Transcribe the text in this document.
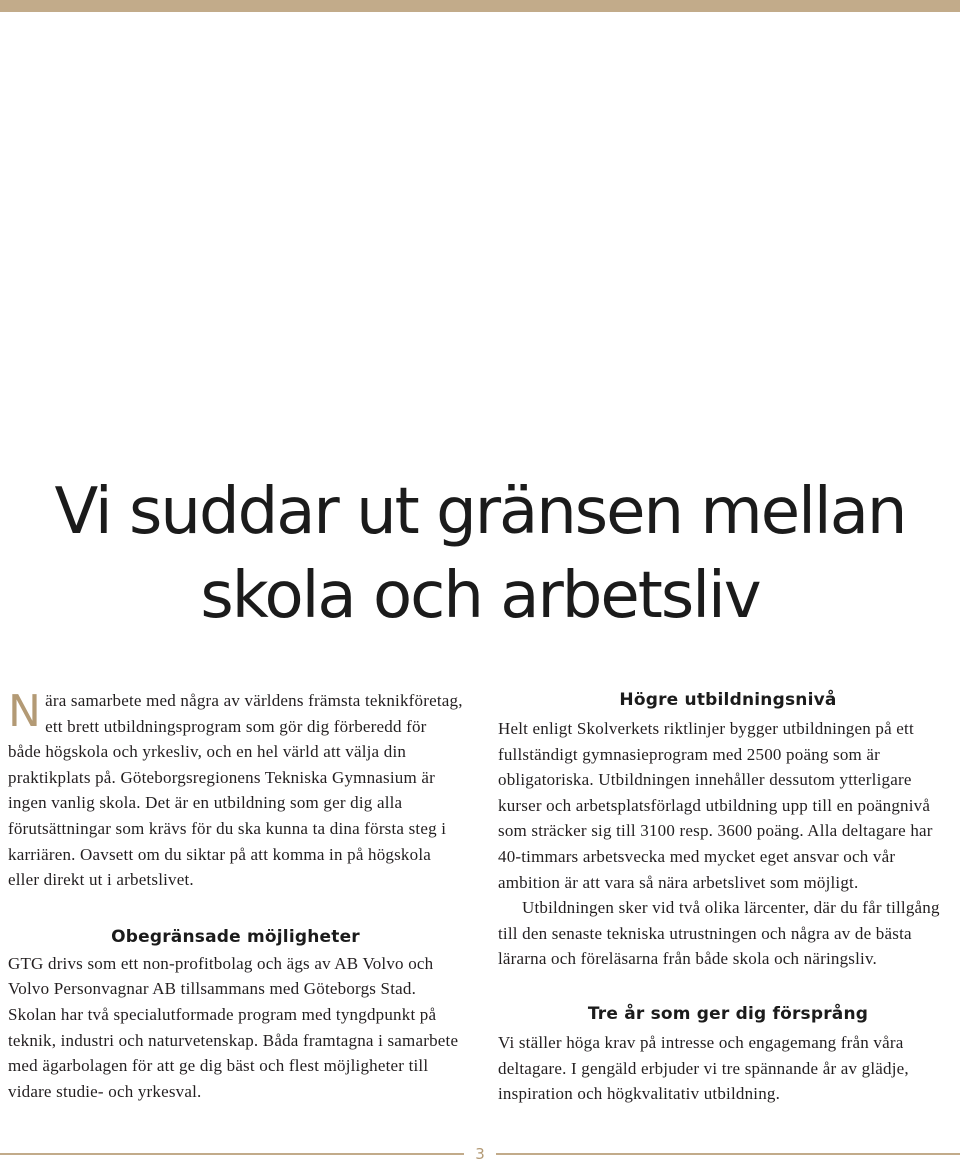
Vi suddar ut gränsen mellan
skola och arbetsliv

Nära samarbete med några av världens främsta teknikföretag, ett brett utbildningsprogram som gör dig förberedd för både högskola och yrkesliv, och en hel värld att välja din praktikplats på. Göteborgsregionens Tekniska Gymnasium är ingen vanlig skola. Det är en utbildning som ger dig alla förutsättningar som krävs för du ska kunna ta dina första steg i karriären. Oavsett om du siktar på att komma in på högskola eller direkt ut i arbetslivet.

Obegränsade möjligheter

GTG drivs som ett non-profitbolag och ägs av AB Volvo och Volvo Personvagnar AB tillsammans med Göteborgs Stad. Skolan har två specialutformade program med tyngdpunkt på teknik, industri och naturvetenskap. Båda framtagna i samarbete med ägarbolagen för att ge dig bäst och flest möjligheter till vidare studie- och yrkesval.

Högre utbildningsnivå

Helt enligt Skolverkets riktlinjer bygger utbildningen på ett fullständigt gymnasieprogram med 2500 poäng som är obligatoriska. Utbildningen innehåller dessutom ytterligare kurser och arbetsplatsförlagd utbildning upp till en poängnivå som sträcker sig till 3100 resp. 3600 poäng. Alla deltagare har 40-timmars arbetsvecka med mycket eget ansvar och vår ambition är att vara så nära arbetslivet som möjligt.

Utbildningen sker vid två olika lärcenter, där du får tillgång till den senaste tekniska utrustningen och några av de bästa lärarna och föreläsarna från både skola och näringsliv.

Tre år som ger dig försprång

Vi ställer höga krav på intresse och engagemang från våra deltagare. I gengäld erbjuder vi tre spännande år av glädje, inspiration och högkvalitativ utbildning.

3
